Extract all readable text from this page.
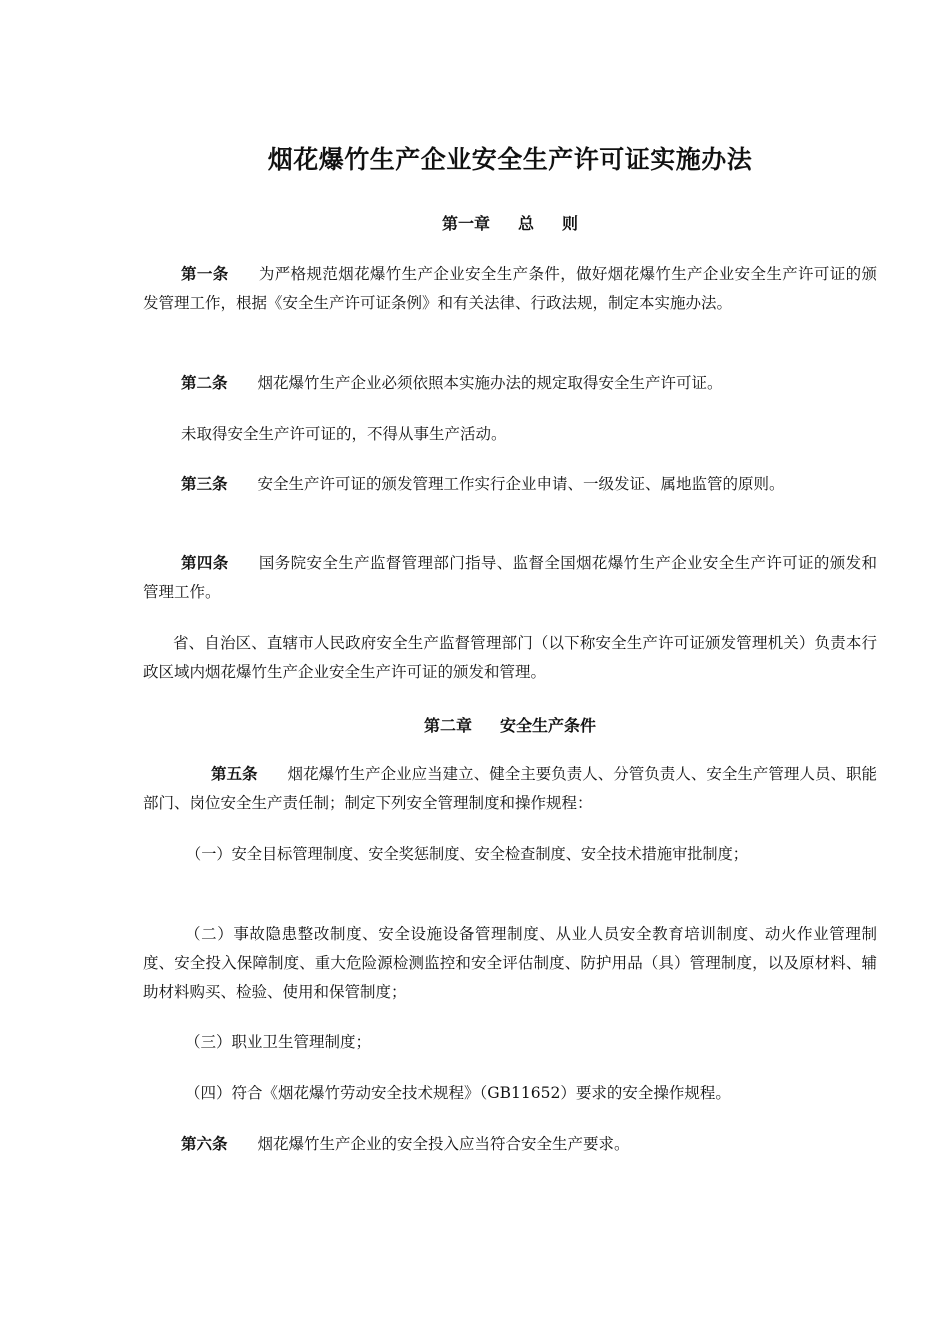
烟花爆竹生产企业安全生产许可证实施办法
第一章 总 则
第一条 为严格规范烟花爆竹生产企业安全生产条件，做好烟花爆竹生产企业安全生产许可证的颁发管理工作，根据《安全生产许可证条例》和有关法律、行政法规，制定本实施办法。
第二条 烟花爆竹生产企业必须依照本实施办法的规定取得安全生产许可证。
未取得安全生产许可证的，不得从事生产活动。
第三条 安全生产许可证的颁发管理工作实行企业申请、一级发证、属地监管的原则。
第四条 国务院安全生产监督管理部门指导、监督全国烟花爆竹生产企业安全生产许可证的颁发和管理工作。
省、自治区、直辖市人民政府安全生产监督管理部门（以下称安全生产许可证颁发管理机关）负责本行政区域内烟花爆竹生产企业安全生产许可证的颁发和管理。
第二章 安全生产条件
第五条 烟花爆竹生产企业应当建立、健全主要负责人、分管负责人、安全生产管理人员、职能部门、岗位安全生产责任制；制定下列安全管理制度和操作规程：
（一）安全目标管理制度、安全奖惩制度、安全检查制度、安全技术措施审批制度；
（二）事故隐患整改制度、安全设施设备管理制度、从业人员安全教育培训制度、动火作业管理制度、安全投入保障制度、重大危险源检测监控和安全评估制度、防护用品（具）管理制度，以及原材料、辅助材料购买、检验、使用和保管制度；
（三）职业卫生管理制度；
（四）符合《烟花爆竹劳动安全技术规程》（GB11652）要求的安全操作规程。
第六条 烟花爆竹生产企业的安全投入应当符合安全生产要求。
